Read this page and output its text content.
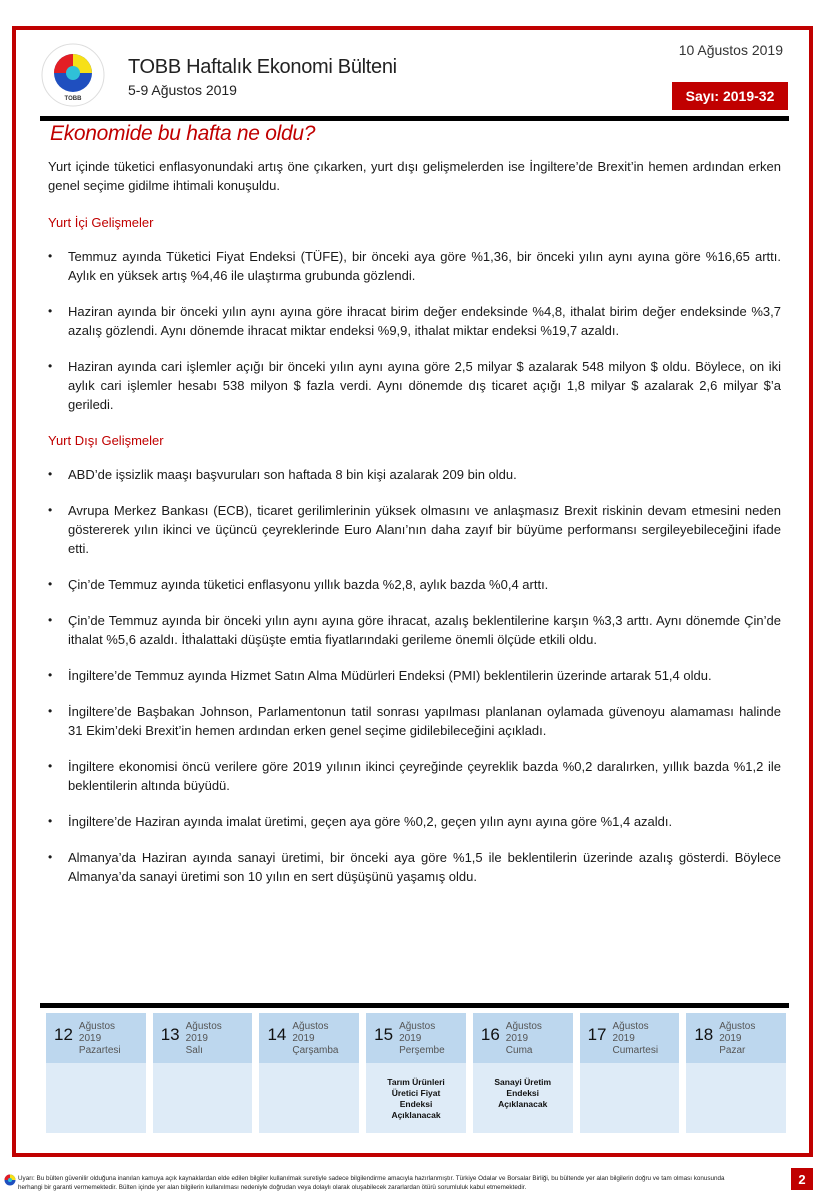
TOBB
TOBB Haftalık Ekonomi Bülteni
5-9 Ağustos 2019
10 Ağustos 2019
Sayı: 2019-32
Ekonomide bu hafta ne oldu?

Yurt içinde tüketici enflasyonundaki artış öne çıkarken, yurt dışı gelişmelerden ise İngiltere’de Brexit’in hemen ardından erken genel seçime gidilme ihtimali konuşuldu.

Yurt İçi Gelişmeler
• Temmuz ayında Tüketici Fiyat Endeksi (TÜFE), bir önceki aya göre %1,36, bir önceki yılın aynı ayına göre %16,65 arttı. Aylık en yüksek artış %4,46 ile ulaştırma grubunda gözlendi.
• Haziran ayında bir önceki yılın aynı ayına göre ihracat birim değer endeksinde %4,8, ithalat birim değer endeksinde %3,7 azalış gözlendi. Aynı dönemde ihracat miktar endeksi %9,9, ithalat miktar endeksi %19,7 azaldı.
• Haziran ayında cari işlemler açığı bir önceki yılın aynı ayına göre 2,5 milyar $ azalarak 548 milyon $ oldu. Böylece, on iki aylık cari işlemler hesabı 538 milyon $ fazla verdi. Aynı dönemde dış ticaret açığı 1,8 milyar $ azalarak 2,6 milyar $’a geriledi.
Yurt Dışı Gelişmeler
• ABD’de işsizlik maaşı başvuruları son haftada 8 bin kişi azalarak 209 bin oldu.
• Avrupa Merkez Bankası (ECB), ticaret gerilimlerinin yüksek olmasını ve anlaşmasız Brexit riskinin devam etmesini neden göstererek yılın ikinci ve üçüncü çeyreklerinde Euro Alanı’nın daha zayıf bir büyüme performansı sergileyebileceğini ifade etti.
• Çin’de Temmuz ayında tüketici enflasyonu yıllık bazda %2,8, aylık bazda %0,4 arttı.
• Çin’de Temmuz ayında bir önceki yılın aynı ayına göre ihracat, azalış beklentilerine karşın %3,3 arttı. Aynı dönemde Çin’de ithalat %5,6 azaldı. İthalattaki düşüşte emtia fiyatlarındaki gerileme önemli ölçüde etkili oldu.
• İngiltere’de Temmuz ayında Hizmet Satın Alma Müdürleri Endeksi (PMI) beklentilerin üzerinde artarak 51,4 oldu.
• İngiltere’de Başbakan Johnson, Parlamentonun tatil sonrası yapılması planlanan oylamada güvenoyu alamaması halinde 31 Ekim’deki Brexit’in hemen ardından erken genel seçime gidilebileceğini açıkladı.
• İngiltere ekonomisi öncü verilere göre 2019 yılının ikinci çeyreğinde çeyreklik bazda %0,2 daralırken, yıllık bazda %1,2 ile beklentilerin altında büyüdü.
• İngiltere’de Haziran ayında imalat üretimi, geçen aya göre %0,2, geçen yılın aynı ayına göre %1,4 azaldı.
• Almanya’da Haziran ayında sanayi üretimi, bir önceki aya göre %1,5 ile beklentilerin üzerinde azalış gösterdi. Böylece Almanya’da sanayi üretimi son 10 yılın en sert düşüşünü yaşamış oldu.
12 Ağustos 2019
Pazartesi
13 Ağustos 2019
Salı
14 Ağustos 2019
Çarşamba
15 Ağustos 2019
Perşembe
Tarım Ürünleri Üretici Fiyat Endeksi Açıklanacak
16 Ağustos 2019
Cuma
Sanayi Üretim Endeksi Açıklanacak
17 Ağustos 2019
Cumartesi
18 Ağustos 2019
Pazar
Uyarı: Bu bülten güvenilir olduğuna inanılan kamuya açık kaynaklardan elde edilen bilgiler kullanılmak suretiyle sadece bilgilendirme amacıyla hazırlanmıştır. Türkiye Odalar ve Borsalar Birliği, bu bültende yer alan bilgilerin doğru ve tam olması konusunda herhangi bir garanti vermemektedir. Bülten içinde yer alan bilgilerin kullanılması nedeniyle doğrudan veya dolaylı olarak oluşabilecek zararlardan ötürü sorumluluk kabul etmemektedir.
2
